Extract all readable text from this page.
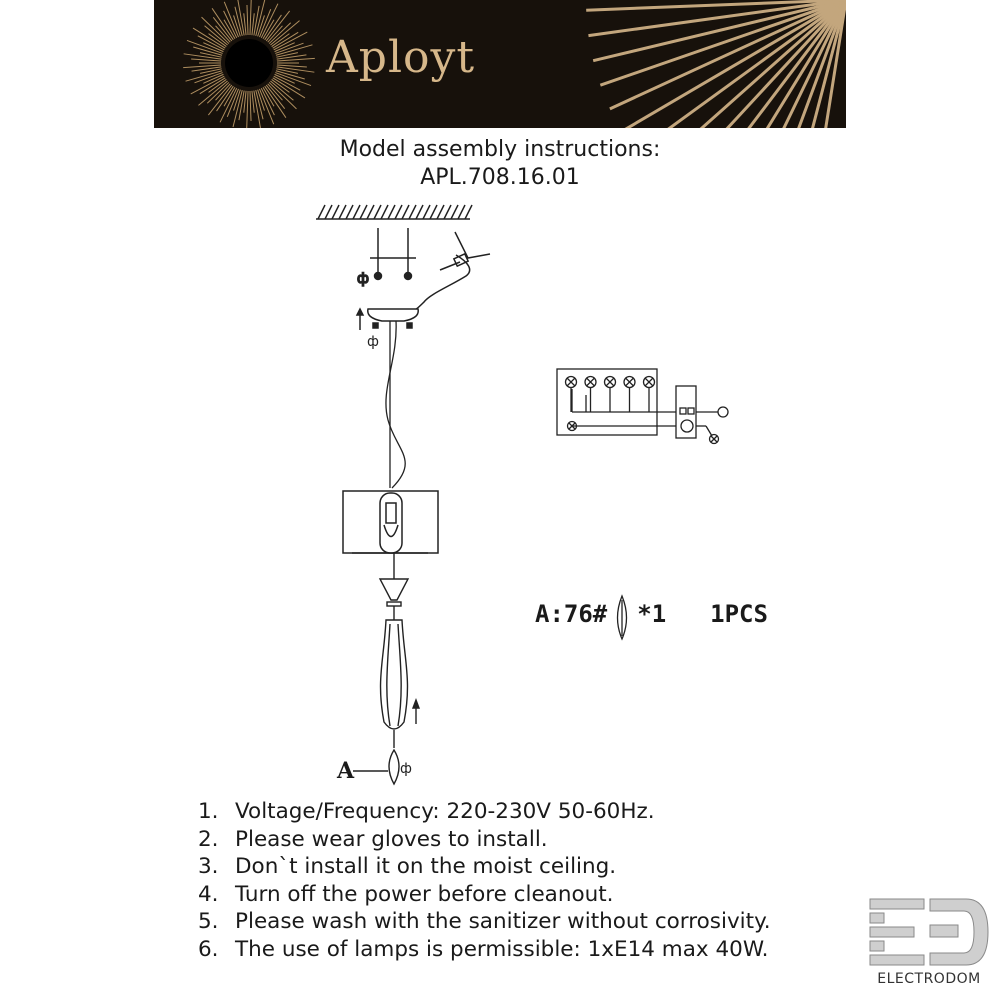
Aployt
Model assembly instructions:
APL.708.16.01
ф
ф
ф
A:76# *1 1PCS
A
1. Voltage/Frequency: 220-230V 50-60Hz.
2. Please wear gloves to install.
3. Don`t install it on the moist ceiling.
4. Turn off the power before cleanout.
5. Please wash with the sanitizer without corrosivity.
6. The use of lamps is permissible: 1xE14 max 40W.
ELECTRODOM
